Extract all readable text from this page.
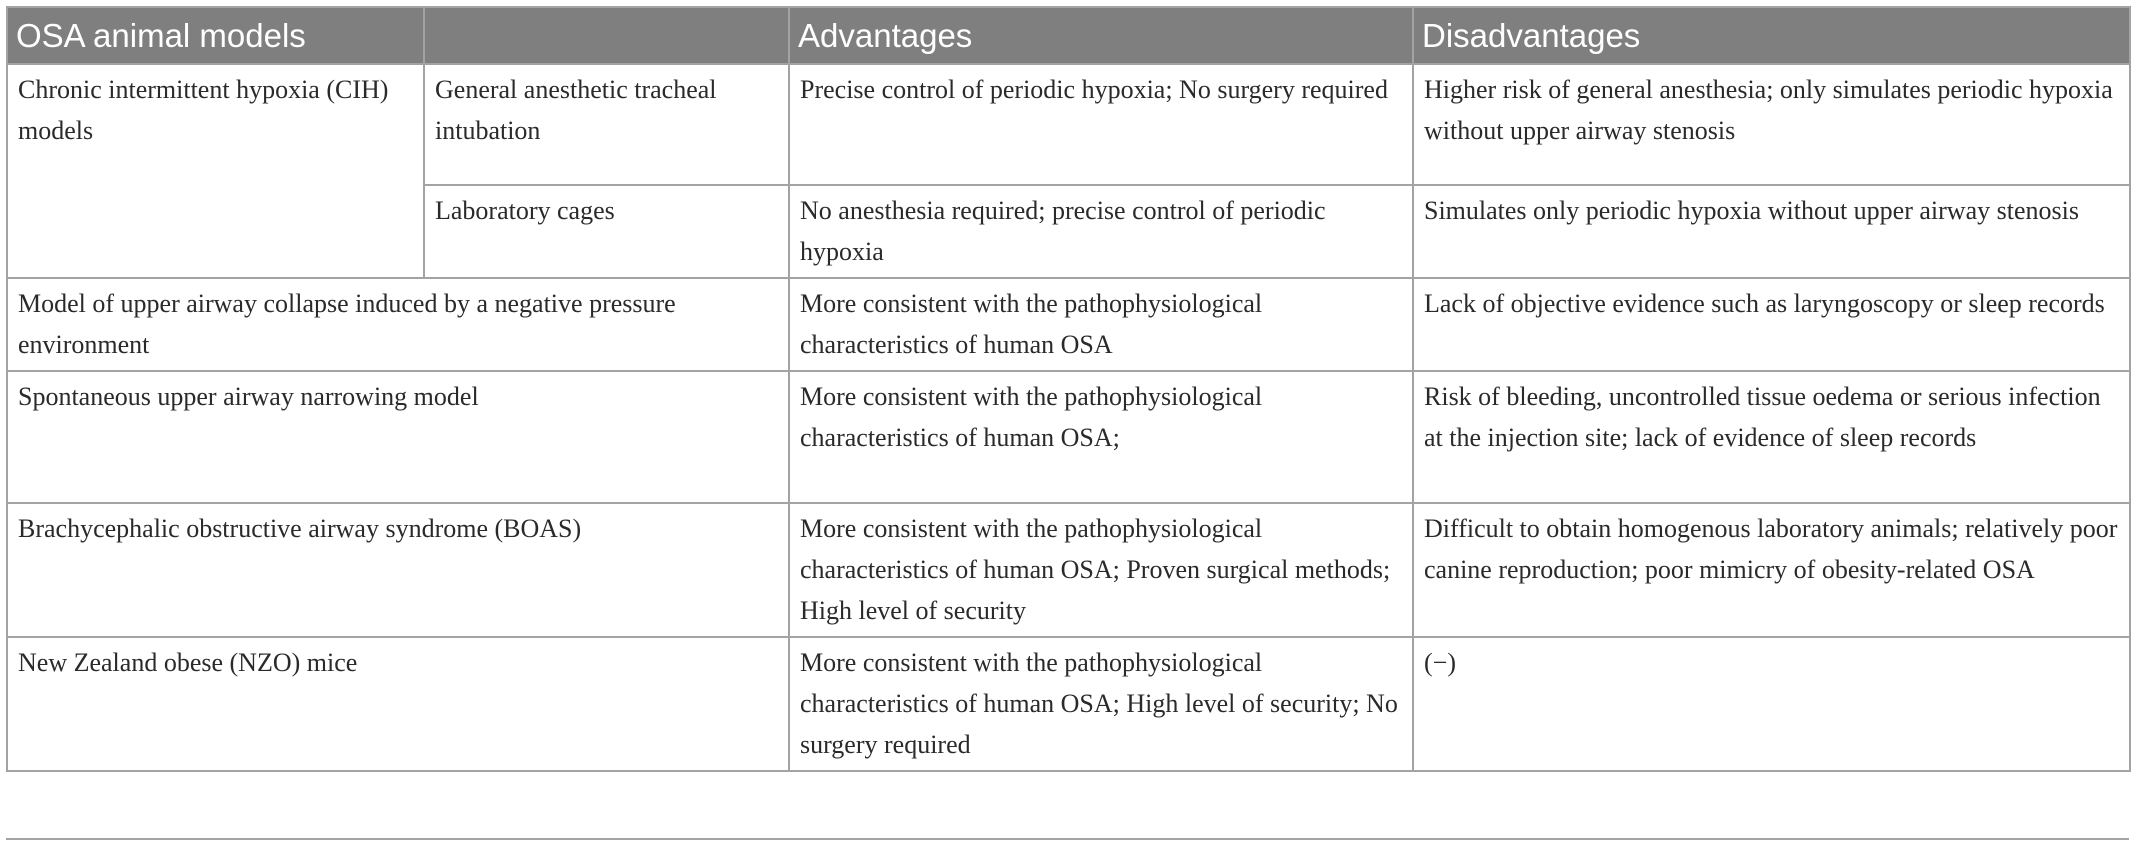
OSA animal models		Advantages	Disadvantages
Chronic intermittent hypoxia (CIH) models	General anesthetic tracheal intubation	Precise control of periodic hypoxia; No surgery required	Higher risk of general anesthesia; only simulates periodic hypoxia without upper airway stenosis
	Laboratory cages	No anesthesia required; precise control of periodic hypoxia	Simulates only periodic hypoxia without upper airway stenosis
Model of upper airway collapse induced by a negative pressure environment		More consistent with the pathophysiological characteristics of human OSA	Lack of objective evidence such as laryngoscopy or sleep records
Spontaneous upper airway narrowing model		More consistent with the pathophysiological characteristics of human OSA;	Risk of bleeding, uncontrolled tissue oedema or serious infection at the injection site; lack of evidence of sleep records
Brachycephalic obstructive airway syndrome (BOAS)		More consistent with the pathophysiological characteristics of human OSA; Proven surgical methods; High level of security	Difficult to obtain homogenous laboratory animals; relatively poor canine reproduction; poor mimicry of obesity-related OSA
New Zealand obese (NZO) mice		More consistent with the pathophysiological characteristics of human OSA; High level of security; No surgery required	(−)
